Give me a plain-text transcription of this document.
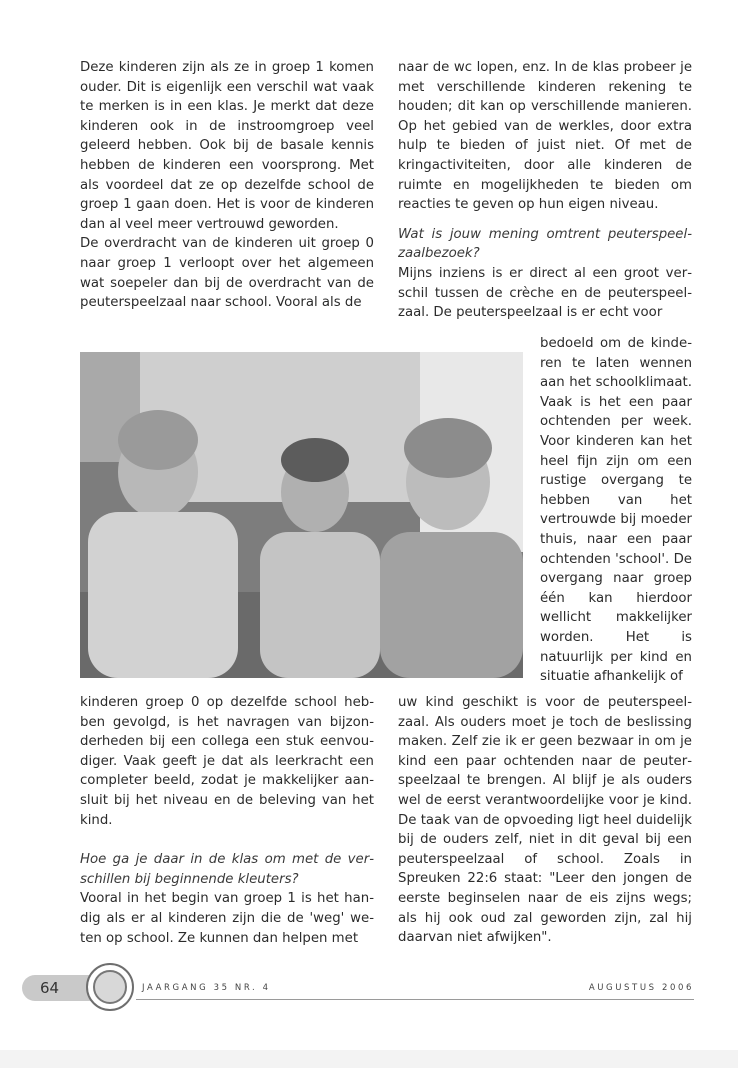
Deze kinderen zijn als ze in groep 1 komen ouder. Dit is eigenlijk een verschil wat vaak te merken is in een klas. Je merkt dat deze kinderen ook in de instroomgroep veel geleerd hebben. Ook bij de basale kennis hebben de kinderen een voorsprong. Met als voordeel dat ze op dezelfde school de groep 1 gaan doen. Het is voor de kinderen dan al veel meer vertrouwd geworden.

De overdracht van de kinderen uit groep 0 naar groep 1 verloopt over het algemeen wat soepeler dan bij de overdracht van de peuterspeelzaal naar school. Vooral als de

naar de wc lopen, enz. In de klas probeer je met verschillende kinderen rekening te houden; dit kan op verschillende manieren. Op het gebied van de werkles, door extra hulp te bieden of juist niet. Of met de kringactiviteiten, door alle kinderen de ruimte en mogelijkheden te bieden om reacties te geven op hun eigen niveau.

Wat is jouw mening omtrent peuterspeelzaalbezoek?

Mijns inziens is er direct al een groot verschil tussen de crèche en de peuterspeelzaal. De peuterspeelzaal is er echt voor

bedoeld om de kinderen te laten wennen aan het schoolklimaat. Vaak is het een paar ochtenden per week. Voor kinderen kan het heel fijn zijn om een rustige overgang te hebben van het vertrouwde bij moeder thuis, naar een paar ochtenden 'school'. De overgang naar groep één kan hierdoor wellicht makkelijker worden. Het is natuurlijk per kind en situatie afhankelijk of

kinderen groep 0 op dezelfde school hebben gevolgd, is het navragen van bijzonderheden bij een collega een stuk eenvoudiger. Vaak geeft je dat als leerkracht een completer beeld, zodat je makkelijker aansluit bij het niveau en de beleving van het kind.

Hoe ga je daar in de klas om met de verschillen bij beginnende kleuters?

Vooral in het begin van groep 1 is het handig als er al kinderen zijn die de 'weg' weten op school. Ze kunnen dan helpen met

uw kind geschikt is voor de peuterspeelzaal. Als ouders moet je toch de beslissing maken. Zelf zie ik er geen bezwaar in om je kind een paar ochtenden naar de peuterspeelzaal te brengen. Al blijf je als ouders wel de eerst verantwoordelijke voor je kind. De taak van de opvoeding ligt heel duidelijk bij de ouders zelf, niet in dit geval bij een peuterspeelzaal of school. Zoals in Spreuken 22:6 staat: "Leer den jongen de eerste beginselen naar de eis zijns wegs; als hij ook oud zal geworden zijn, zal hij daarvan niet afwijken".

64	JAARGANG 35 NR. 4	AUGUSTUS 2006
